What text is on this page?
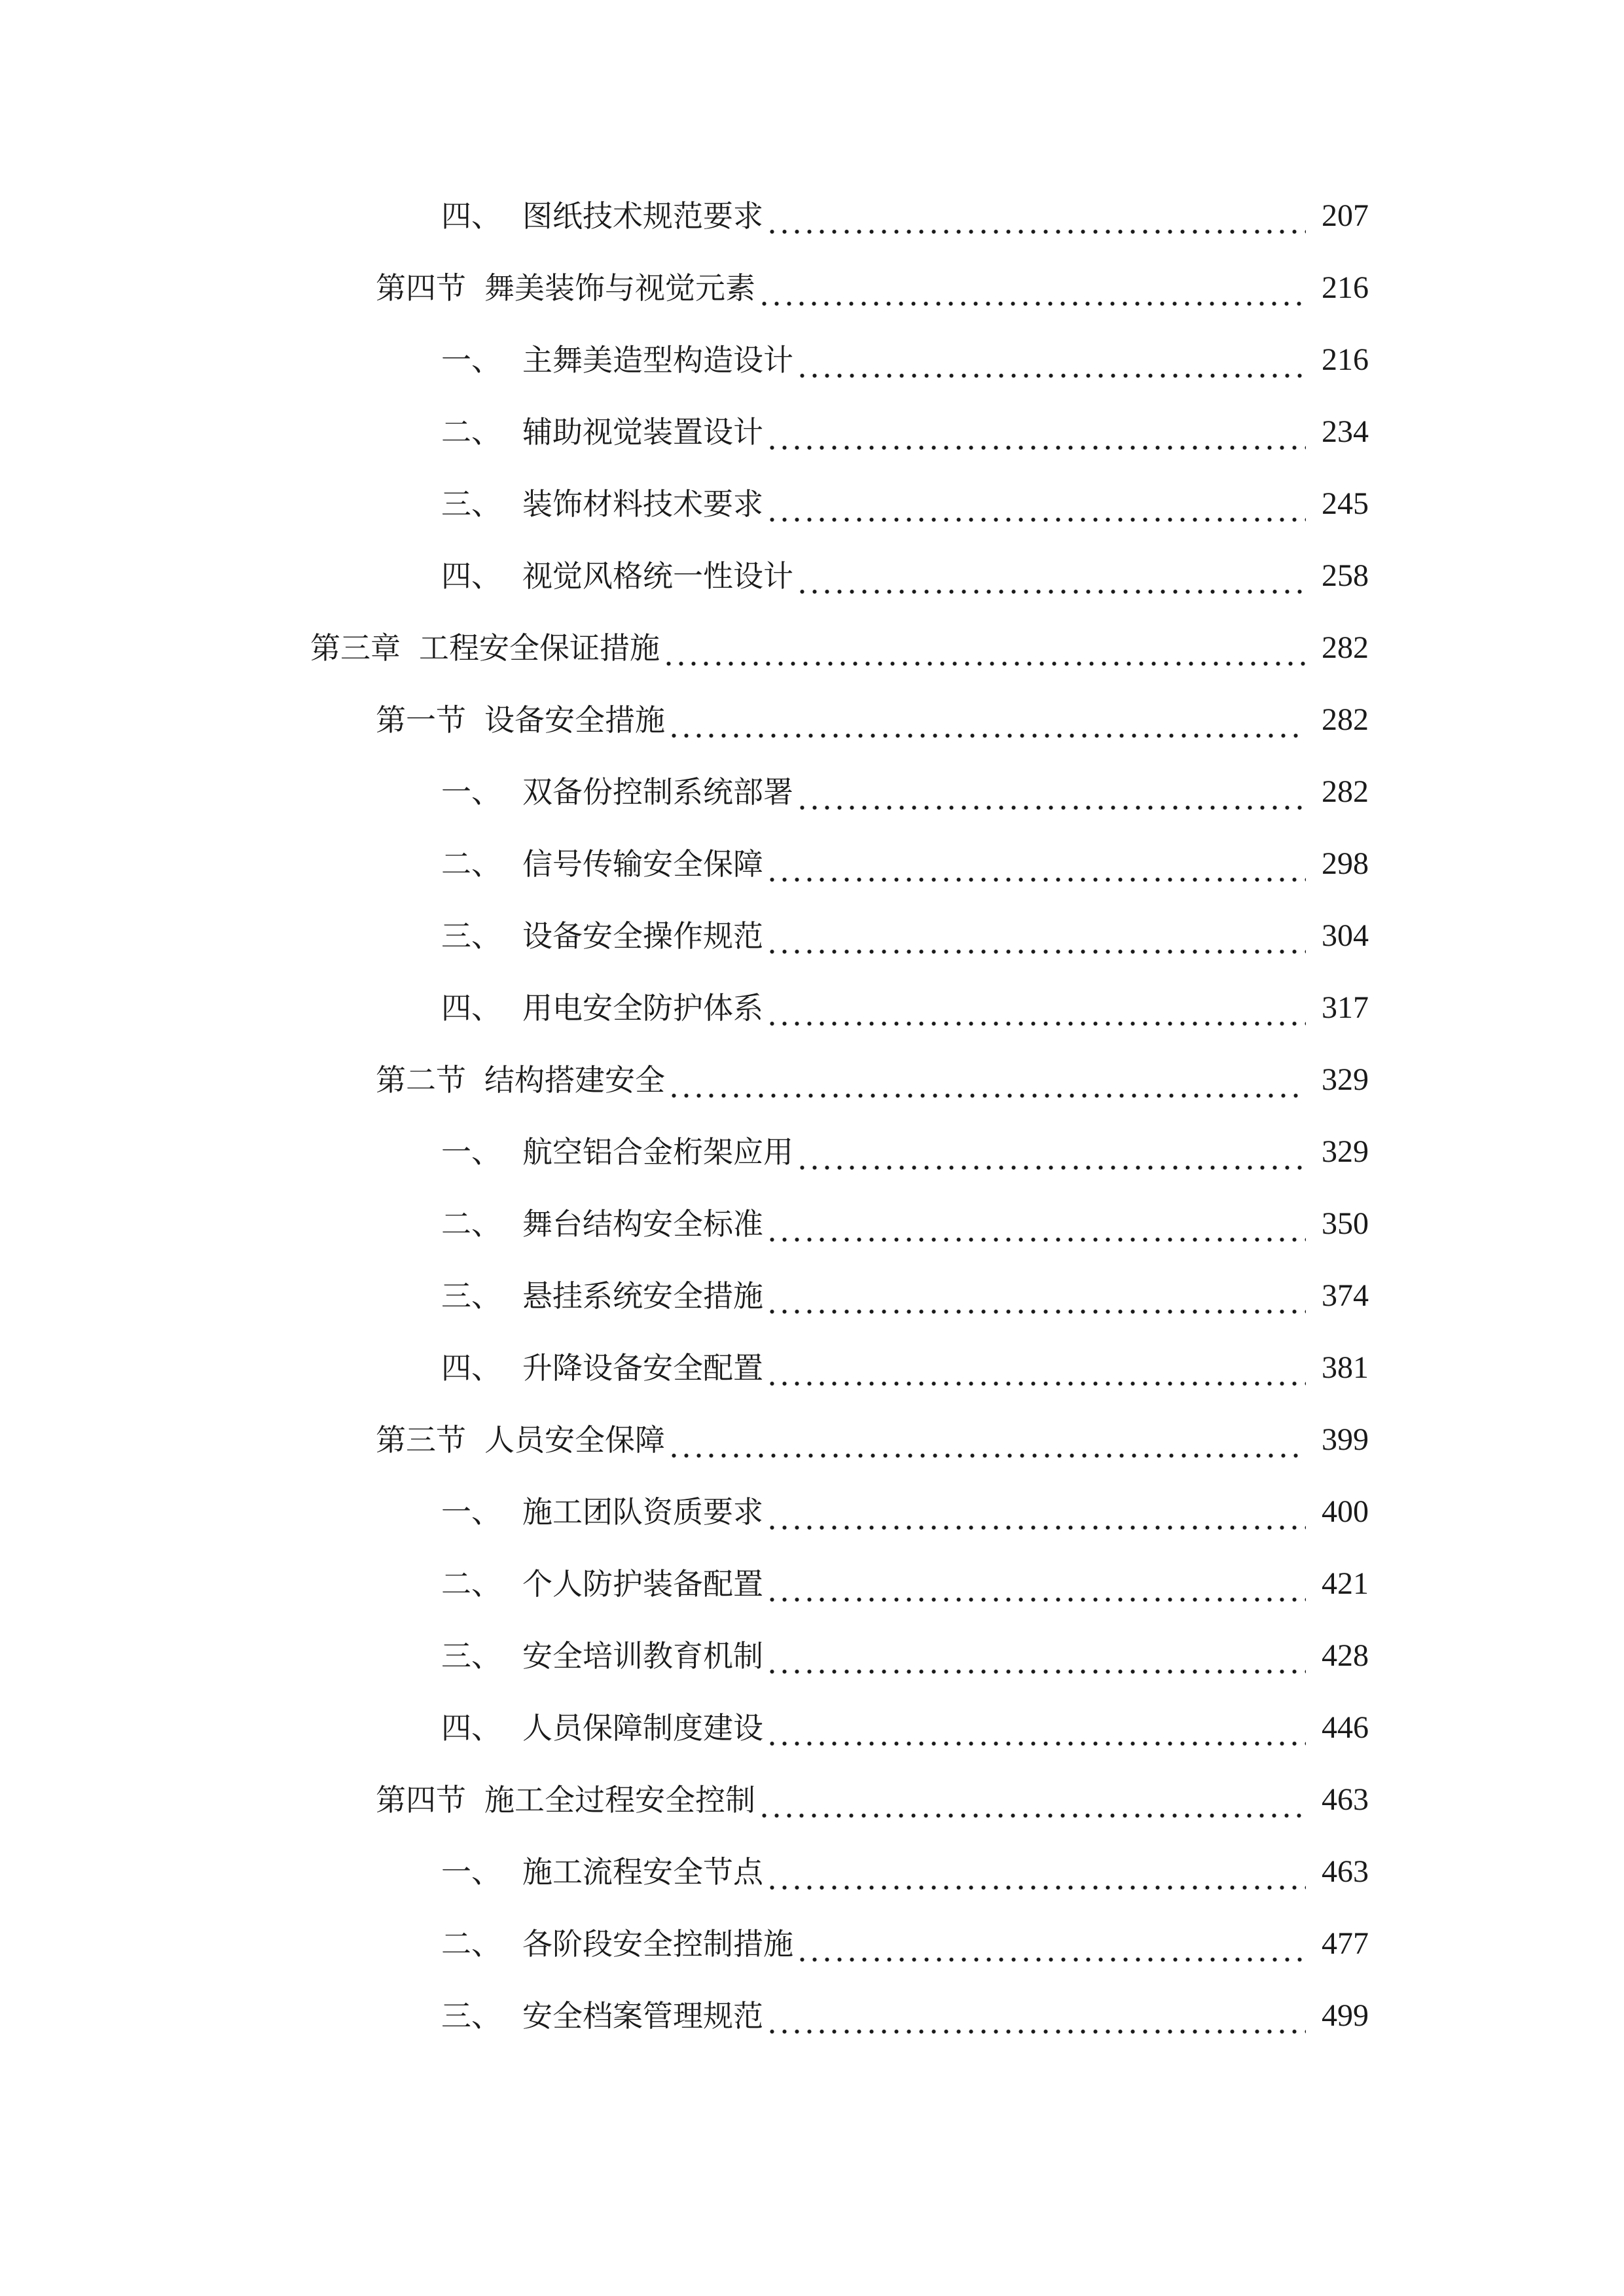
四、 图纸技术规范要求	207
第四节 舞美装饰与视觉元素	216
一、 主舞美造型构造设计	216
二、 辅助视觉装置设计	234
三、 装饰材料技术要求	245
四、 视觉风格统一性设计	258
第三章 工程安全保证措施	282
第一节 设备安全措施	282
一、 双备份控制系统部署	282
二、 信号传输安全保障	298
三、 设备安全操作规范	304
四、 用电安全防护体系	317
第二节 结构搭建安全	329
一、 航空铝合金桁架应用	329
二、 舞台结构安全标准	350
三、 悬挂系统安全措施	374
四、 升降设备安全配置	381
第三节 人员安全保障	399
一、 施工团队资质要求	400
二、 个人防护装备配置	421
三、 安全培训教育机制	428
四、 人员保障制度建设	446
第四节 施工全过程安全控制	463
一、 施工流程安全节点	463
二、 各阶段安全控制措施	477
三、 安全档案管理规范	499
